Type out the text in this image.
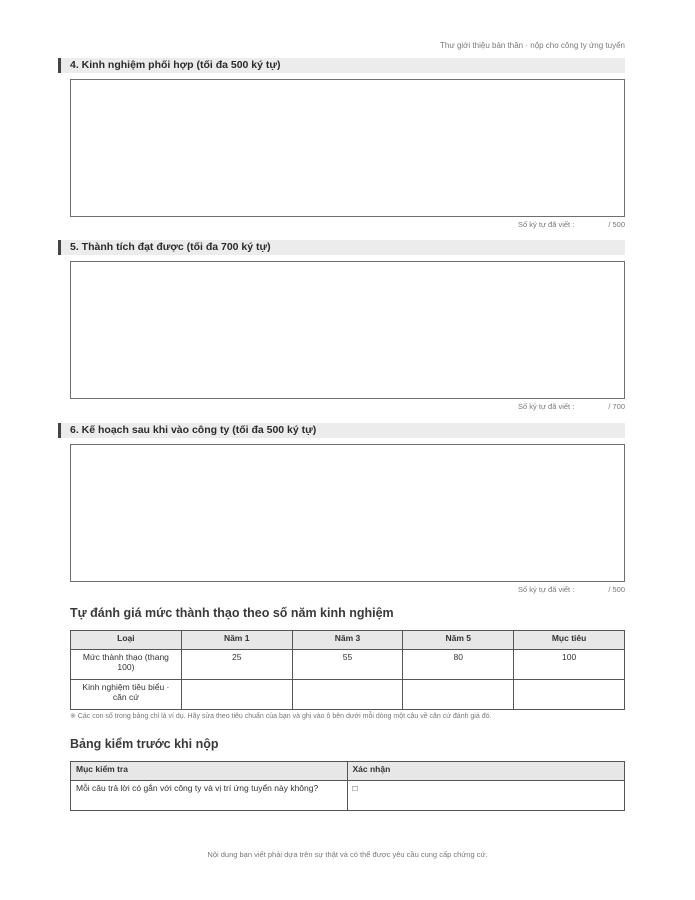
Thư giới thiệu bản thân · nộp cho công ty ứng tuyển
4. Kinh nghiệm phối hợp (tối đa 500 ký tự)
Số ký tự đã viết :	/ 500
5. Thành tích đạt được (tối đa 700 ký tự)
Số ký tự đã viết :	/ 700
6. Kế hoạch sau khi vào công ty (tối đa 500 ký tự)
Số ký tự đã viết :	/ 500
Tự đánh giá mức thành thạo theo số năm kinh nghiệm
Loại	Năm 1	Năm 3	Năm 5	Mục tiêu
Mức thành thạo (thang 100)	25	55	80	100
Kinh nghiệm tiêu biểu · căn cứ				
※ Các con số trong bảng chỉ là ví dụ. Hãy sửa theo tiêu chuẩn của bạn và ghi vào ô bên dưới mỗi dòng một câu về căn cứ đánh giá đó.
Bảng kiểm trước khi nộp
Mục kiểm tra	Xác nhận
Mỗi câu trả lời có gắn với công ty và vị trí ứng tuyển này không?	□
Nội dung bạn viết phải dựa trên sự thật và có thể được yêu cầu cung cấp chứng cứ.
